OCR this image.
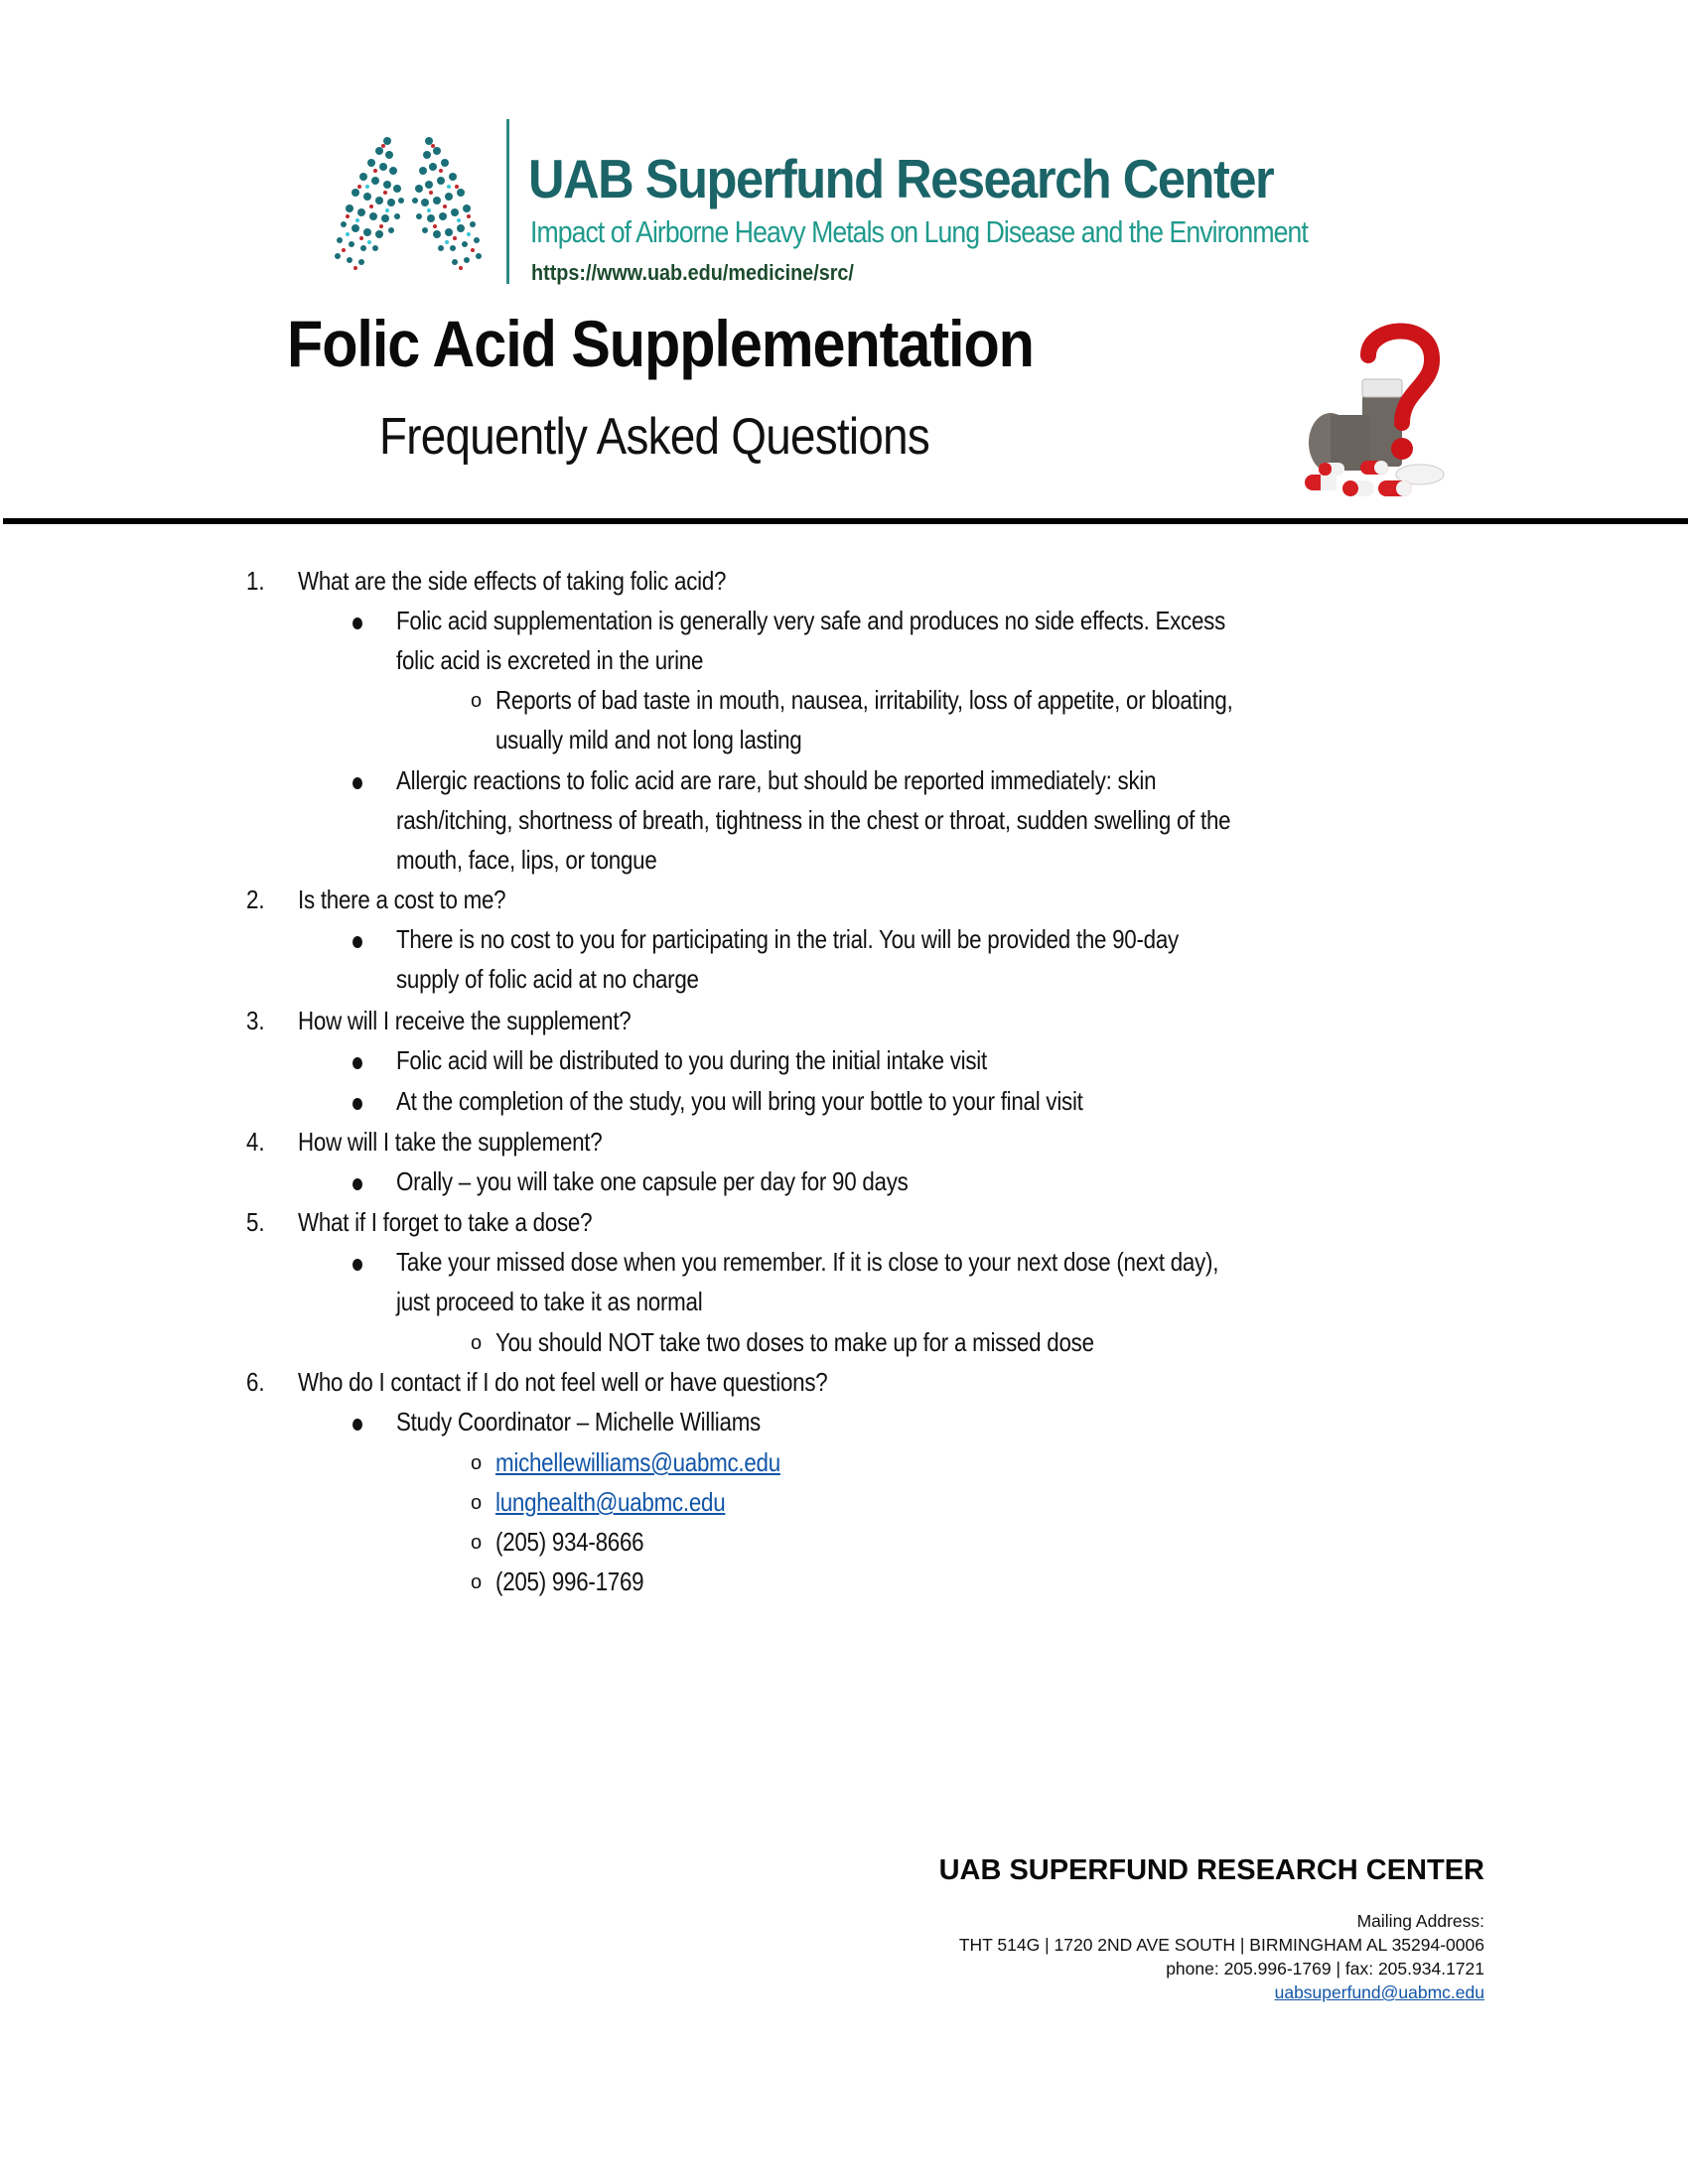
UAB Superfund Research Center
Impact of Airborne Heavy Metals on Lung Disease and the Environment
https://www.uab.edu/medicine/src/
Folic Acid Supplementation
Frequently Asked Questions
1. What are the side effects of taking folic acid?
Folic acid supplementation is generally very safe and produces no side effects. Excess
folic acid is excreted in the urine
o Reports of bad taste in mouth, nausea, irritability, loss of appetite, or bloating,
usually mild and not long lasting
Allergic reactions to folic acid are rare, but should be reported immediately: skin
rash/itching, shortness of breath, tightness in the chest or throat, sudden swelling of the
mouth, face, lips, or tongue
2. Is there a cost to me?
There is no cost to you for participating in the trial. You will be provided the 90-day
supply of folic acid at no charge
3. How will I receive the supplement?
Folic acid will be distributed to you during the initial intake visit
At the completion of the study, you will bring your bottle to your final visit
4. How will I take the supplement?
Orally – you will take one capsule per day for 90 days
5. What if I forget to take a dose?
Take your missed dose when you remember. If it is close to your next dose (next day),
just proceed to take it as normal
o You should NOT take two doses to make up for a missed dose
6. Who do I contact if I do not feel well or have questions?
Study Coordinator – Michelle Williams
o michellewilliams@uabmc.edu
o lunghealth@uabmc.edu
o (205) 934-8666
o (205) 996-1769
UAB SUPERFUND RESEARCH CENTER
Mailing Address:
THT 514G | 1720 2ND AVE SOUTH | BIRMINGHAM AL 35294-0006
phone: 205.996-1769 | fax: 205.934.1721
uabsuperfund@uabmc.edu
